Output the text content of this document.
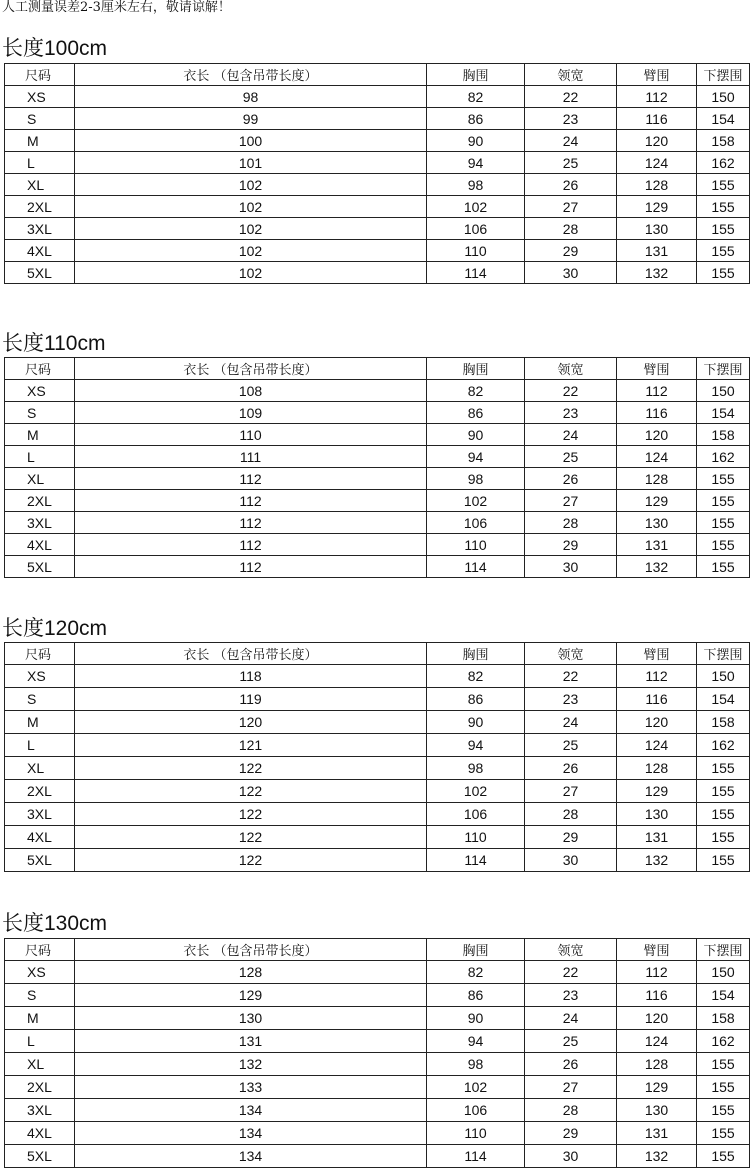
人工测量误差2-3厘米左右，敬请谅解！
长度100cm
尺码	衣长 （包含吊带长度）	胸围	领宽	臂围	下摆围
XS	98	82	22	112	150
S	99	86	23	116	154
M	100	90	24	120	158
L	101	94	25	124	162
XL	102	98	26	128	155
2XL	102	102	27	129	155
3XL	102	106	28	130	155
4XL	102	110	29	131	155
5XL	102	114	30	132	155
长度110cm
尺码	衣长 （包含吊带长度）	胸围	领宽	臂围	下摆围
XS	108	82	22	112	150
S	109	86	23	116	154
M	110	90	24	120	158
L	111	94	25	124	162
XL	112	98	26	128	155
2XL	112	102	27	129	155
3XL	112	106	28	130	155
4XL	112	110	29	131	155
5XL	112	114	30	132	155
长度120cm
尺码	衣长 （包含吊带长度）	胸围	领宽	臂围	下摆围
XS	118	82	22	112	150
S	119	86	23	116	154
M	120	90	24	120	158
L	121	94	25	124	162
XL	122	98	26	128	155
2XL	122	102	27	129	155
3XL	122	106	28	130	155
4XL	122	110	29	131	155
5XL	122	114	30	132	155
长度130cm
尺码	衣长 （包含吊带长度）	胸围	领宽	臂围	下摆围
XS	128	82	22	112	150
S	129	86	23	116	154
M	130	90	24	120	158
L	131	94	25	124	162
XL	132	98	26	128	155
2XL	133	102	27	129	155
3XL	134	106	28	130	155
4XL	134	110	29	131	155
5XL	134	114	30	132	155
